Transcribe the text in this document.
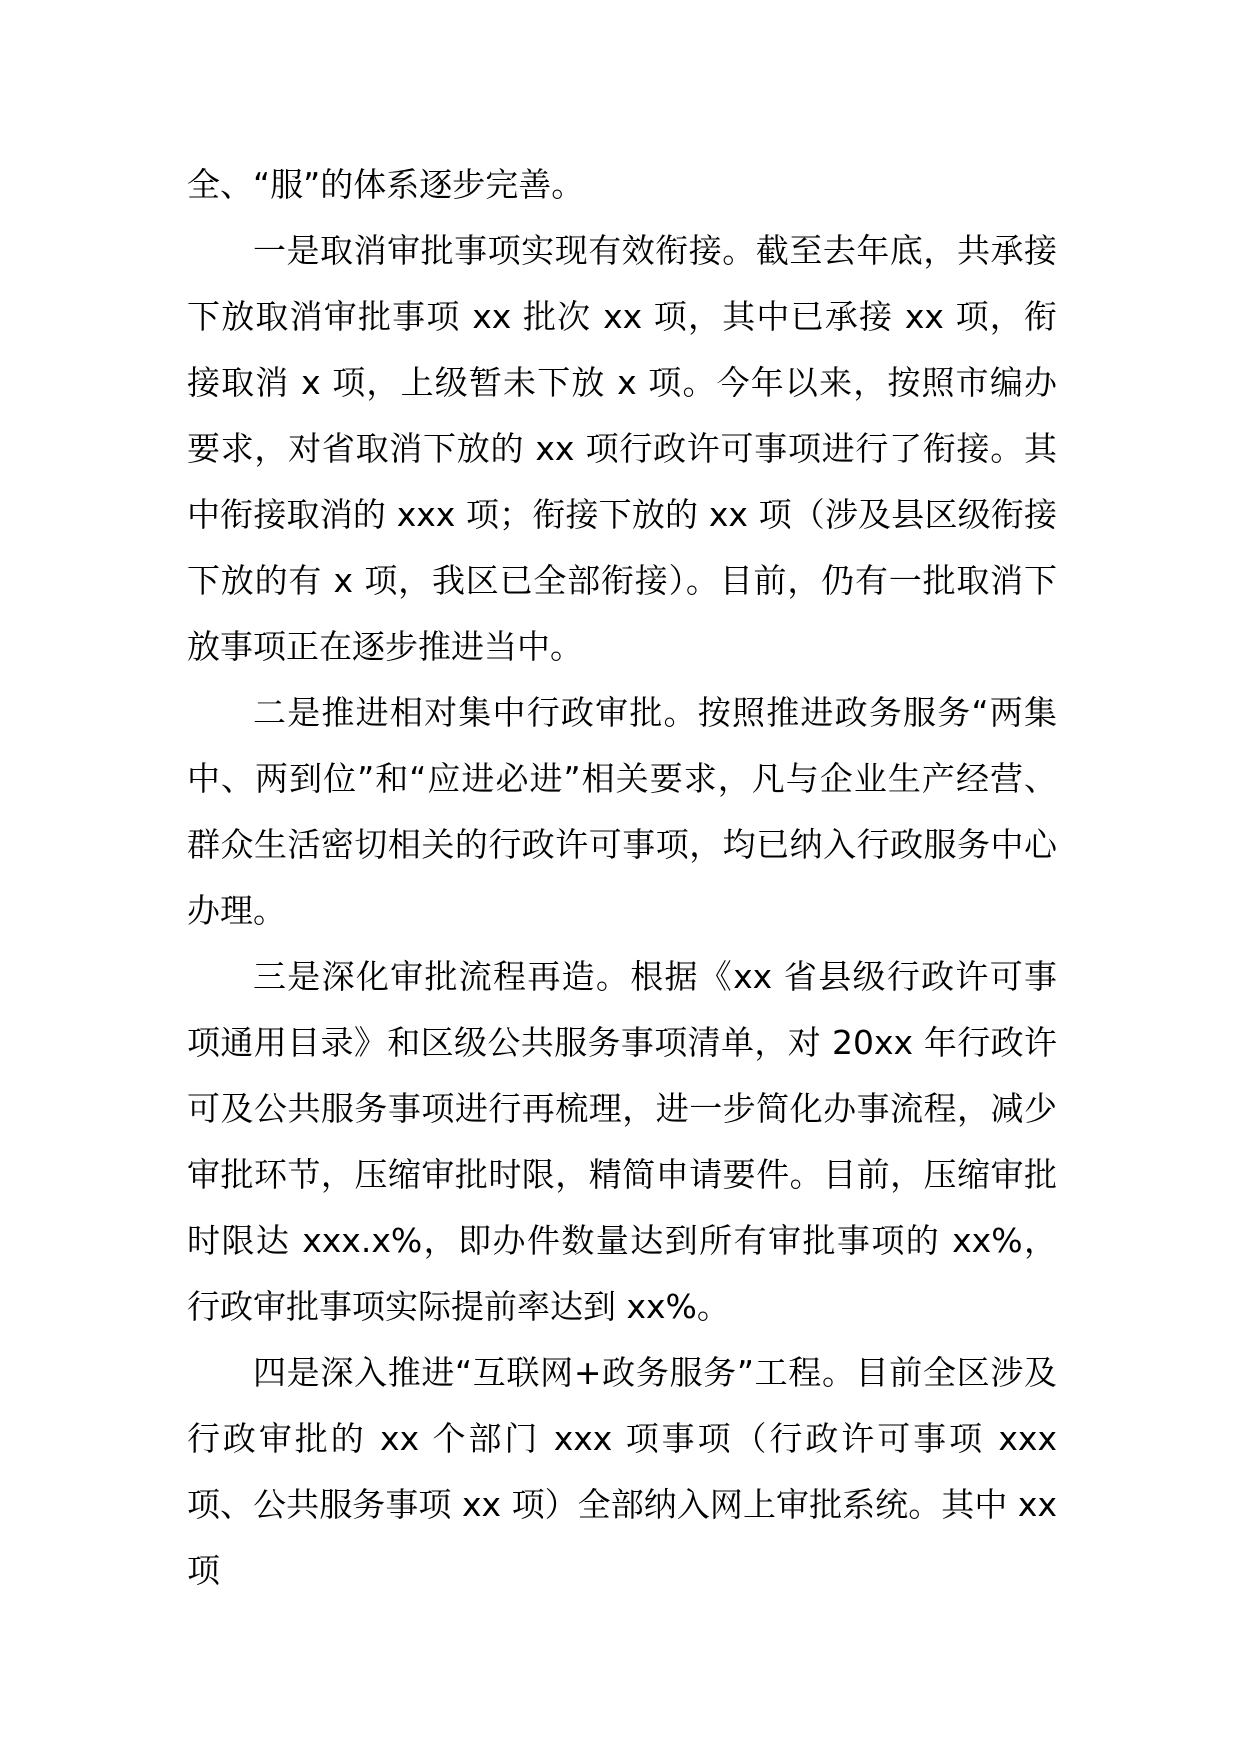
全、“服”的体系逐步完善。

一是取消审批事项实现有效衔接。截至去年底，共承接下放取消审批事项 xx 批次 xx 项，其中已承接 xx 项，衔接取消 x 项，上级暂未下放 x 项。今年以来，按照市编办要求，对省取消下放的 xx 项行政许可事项进行了衔接。其中衔接取消的 xxx 项；衔接下放的 xx 项（涉及县区级衔接下放的有 x 项，我区已全部衔接）。目前，仍有一批取消下放事项正在逐步推进当中。

二是推进相对集中行政审批。按照推进政务服务“两集中、两到位”和“应进必进”相关要求，凡与企业生产经营、群众生活密切相关的行政许可事项，均已纳入行政服务中心办理。

三是深化审批流程再造。根据《xx 省县级行政许可事项通用目录》和区级公共服务事项清单，对 20xx 年行政许可及公共服务事项进行再梳理，进一步简化办事流程，减少审批环节，压缩审批时限，精简申请要件。目前，压缩审批时限达 xxx.x%，即办件数量达到所有审批事项的 xx%，行政审批事项实际提前率达到 xx%。

四是深入推进“互联网+政务服务”工程。目前全区涉及行政审批的 xx 个部门 xxx 项事项（行政许可事项 xxx 项、公共服务事项 xx 项）全部纳入网上审批系统。其中 xx 项
